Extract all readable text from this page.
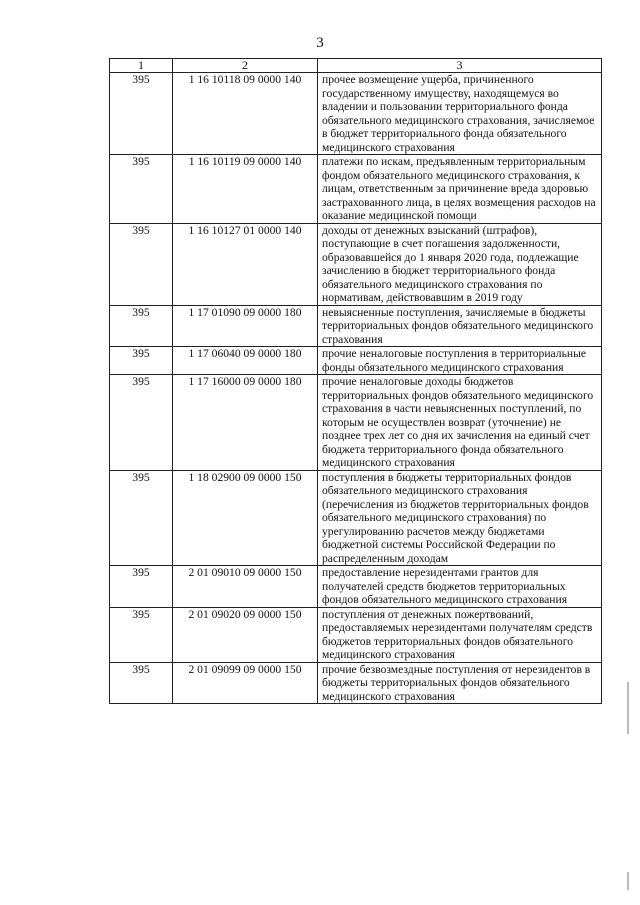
3
1	2	3
395	1 16 10118 09 0000 140	прочее возмещение ущерба, причиненного государственному имуществу, находящемуся во владении и пользовании территориального фонда обязательного медицинского страхования, зачисляемое в бюджет территориального фонда обязательного медицинского страхования
395	1 16 10119 09 0000 140	платежи по искам, предъявленным территориальным фондом обязательного медицинского страхования, к лицам, ответственным за причинение вреда здоровью застрахованного лица, в целях возмещения расходов на оказание медицинской помощи
395	1 16 10127 01 0000 140	доходы от денежных взысканий (штрафов), поступающие в счет погашения задолженности, образовавшейся до 1 января 2020 года, подлежащие зачислению в бюджет территориального фонда обязательного медицинского страхования по нормативам, действовавшим в 2019 году
395	1 17 01090 09 0000 180	невыясненные поступления, зачисляемые в бюджеты территориальных фондов обязательного медицинского страхования
395	1 17 06040 09 0000 180	прочие неналоговые поступления в территориальные фонды обязательного медицинского страхования
395	1 17 16000 09 0000 180	прочие неналоговые доходы бюджетов территориальных фондов обязательного медицинского страхования в части невыясненных поступлений, по которым не осуществлен возврат (уточнение) не позднее трех лет со дня их зачисления на единый счет бюджета территориального фонда обязательного медицинского страхования
395	1 18 02900 09 0000 150	поступления в бюджеты территориальных фондов обязательного медицинского страхования (перечисления из бюджетов территориальных фондов обязательного медицинского страхования) по урегулированию расчетов между бюджетами бюджетной системы Российской Федерации по распределенным доходам
395	2 01 09010 09 0000 150	предоставление нерезидентами грантов для получателей средств бюджетов территориальных фондов обязательного медицинского страхования
395	2 01 09020 09 0000 150	поступления от денежных пожертвований, предоставляемых нерезидентами получателям средств бюджетов территориальных фондов обязательного медицинского страхования
395	2 01 09099 09 0000 150	прочие безвозмездные поступления от нерезидентов в бюджеты территориальных фондов обязательного медицинского страхования
